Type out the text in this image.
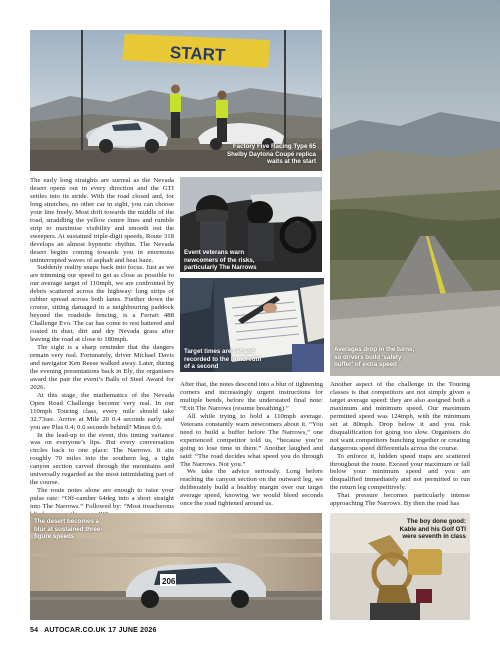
START
Factory Five Racing Type 65 Shelby Daytona Coupé replica waits at the start
Averages drop in the turns, so drivers build ‘safety buffer’ of extra speed
Event veterans warn newcomers of the risks, particularly The Narrows
Target times are set and recorded to the hundredth of a second

The early long straights are surreal as the Nevada desert opens out in every direction and the GTI settles into its stride. With the road closed and, for long stretches, no other car in sight, you can choose your line freely. Most drift towards the middle of the road, straddling the yellow centre lines and rumble strip to maximise visibility and smooth out the sweepers. At sustained triple-digit speeds, Route 318 develops an almost hypnotic rhythm. The Nevada desert begins coming towards you in enormous uninterrupted waves of asphalt and heat haze.

Suddenly reality snaps back into focus. Just as we are trimming our speed to get as close as possible to our average target of 110mph, we are confronted by debris scattered across the highway: long strips of rubber spread across both lanes. Further down the course, sitting damaged in a neighbouring paddock beyond the roadside fencing, is a Ferrari 488 Challenge Evo. The car has come to rest battered and coated in dust, dirt and dry Nevada grass after leaving the road at close to 180mph.

The sight is a sharp reminder that the dangers remain very real. Fortunately, driver Michael Davis and navigator Ken Reese walked away. Later, during the evening presentations back in Ely, the organisers award the pair the event’s Balls of Steel Award for 2026.

At this stage, the mathematics of the Nevada Open Road Challenge become very real. In our 110mph Touring class, every mile should take 32.73sec. Arrive at Mile 20 0.4 seconds early and you are Plus 0.4; 0.6 seconds behind? Minus 0.6.

In the lead-up to the event, this timing variance was on everyone’s lips. But every conversation circles back to one place: The Narrows. It sits roughly 70 miles into the southern leg, a tight canyon section carved through the mountains and universally regarded as the most intimidating part of the course.

The route notes alone are enough to raise your pulse rate: “Off-camber 64deg into a short straight into The Narrows.” Followed by: “Most treacherous

After that, the notes descend into a blur of tightening corners and increasingly urgent instructions for multiple bends, before the understated final note: “Exit The Narrows (resume breathing).”

All while trying to hold a 110mph average. Veterans constantly warn newcomers about it. “You need to build a buffer before The Narrows,” one experienced competitor told us, “because you’re going to lose time in there.” Another laughed and said: “The road decides what speed you do through The Narrows. Not you.”

We take the advice seriously. Long before reaching the canyon section on the outward leg, we deliberately build a healthy margin over our target average speed, knowing we would bleed seconds once the road tightened around us.

Another aspect of the challenge in the Touring classes is that competitors are not simply given a target average speed: they are also assigned both a maximum and minimum speed. Our maximum permitted speed was 124mph, with the minimum set at 80mph. Drop below it and you risk disqualification for going too slow. Organisers do not want competitors bunching together or creating dangerous speed differentials across the course.

To enforce it, hidden speed traps are scattered throughout the route. Exceed your maximum or fall below your minimum speed and you are disqualified immediately and not permitted to run the return leg competitively.

That pressure becomes particularly intense approaching The Narrows. By then the road has

206
The desert becomes a blur at sustained three-figure speeds
The boy done good: Kable and his Golf GTI were seventh in class
54 AUTOCAR.CO.UK 17 JUNE 2026
